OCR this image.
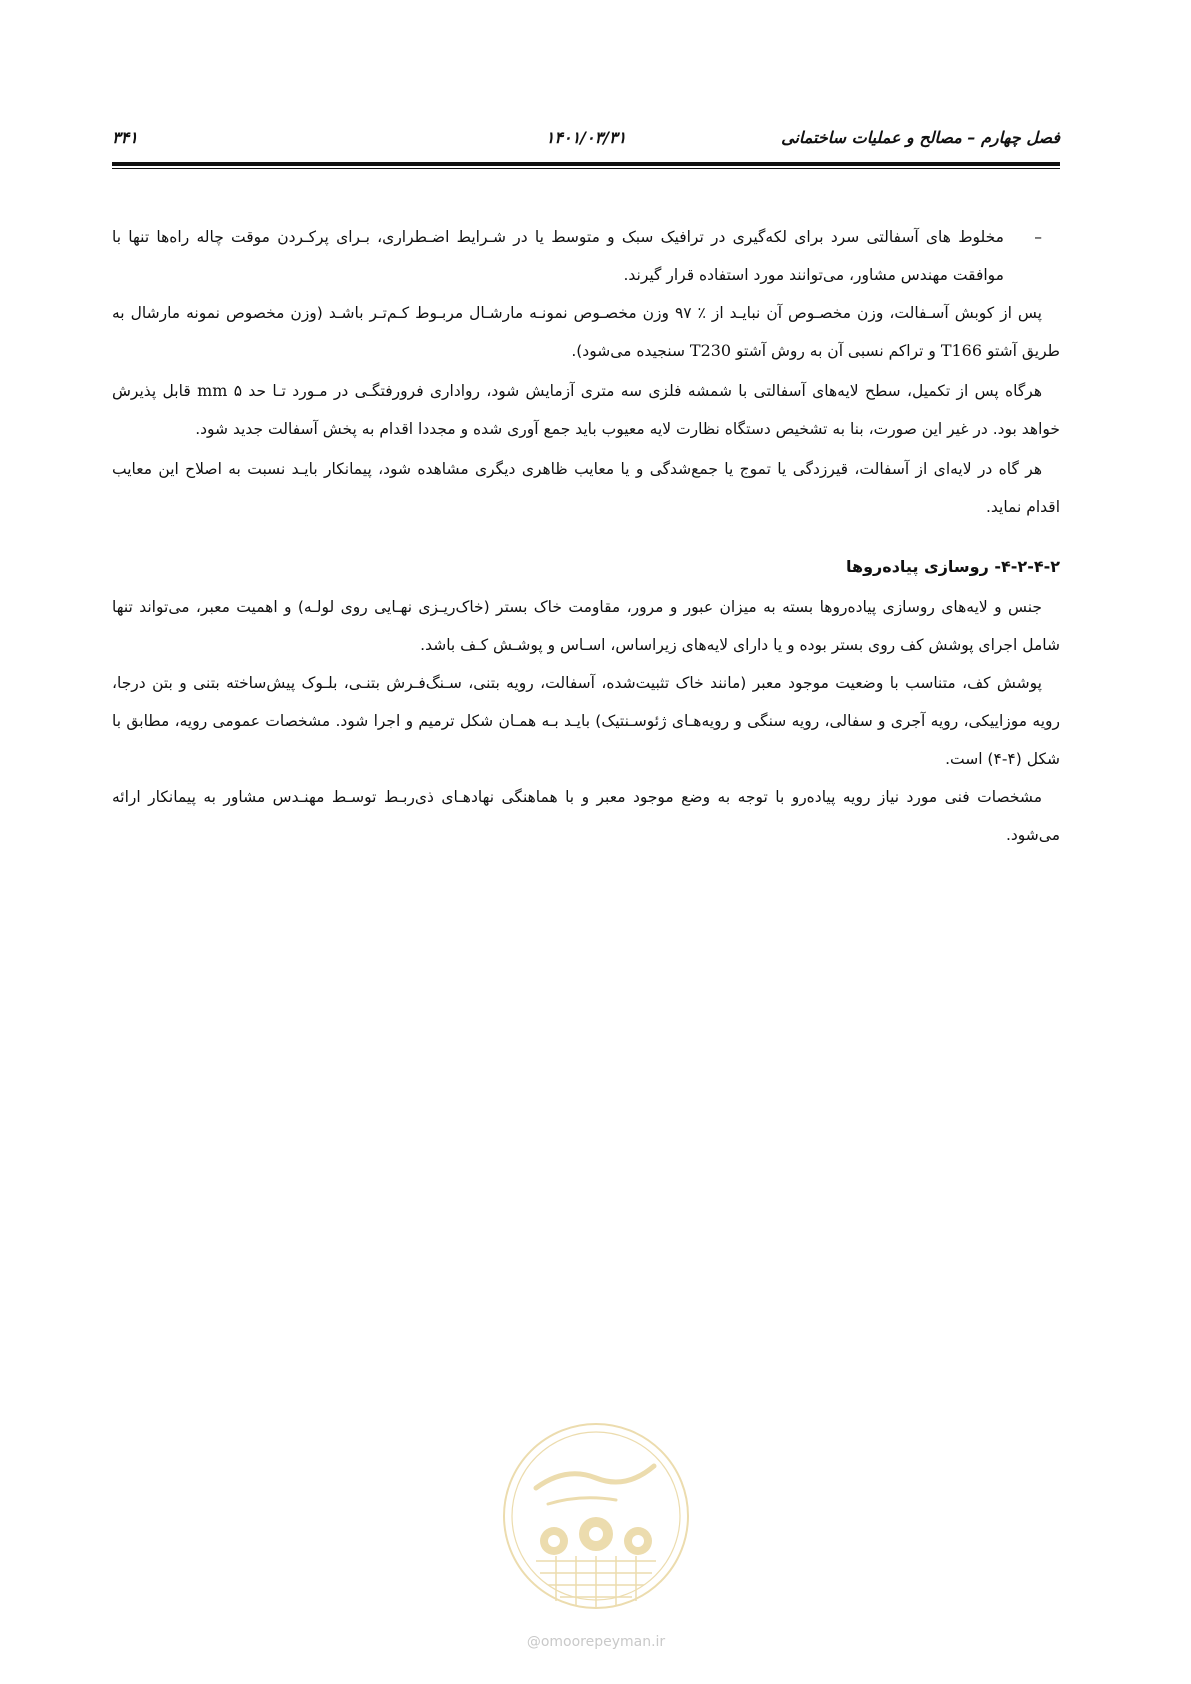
فصل چهارم – مصالح و عملیات ساختمانی
۱۴۰۱/۰۳/۳۱
۳۴۱

–
مخلوط های آسفالتی سرد برای لکه‌گیری در ترافیک سبک و متوسط یا در شـرایط اضـطراری، بـرای پرکـردن موقت چاله راه‌ها تنها با موافقت مهندس مشاور، می‌توانند مورد استفاده قرار گیرند.

پس از کوبش آسـفالت، وزن مخصـوص آن نبایـد از ٪ ۹۷ وزن مخصـوص نمونـه مارشـال مربـوط کـم‌تـر باشـد (وزن مخصوص نمونه مارشال به طریق آشتو T166 و تراکم نسبی آن به روش آشتو T230 سنجیده می‌شود).

هرگاه پس از تکمیل، سطح لایه‌های آسفالتی با شمشه فلزی سه متری آزمایش شود، رواداری فرورفتگـی در مـورد تـا حد mm ۵ قابل پذیرش خواهد بود. در غیر این صورت، بنا به تشخیص دستگاه نظارت لایه معیوب باید جمع آوری شده و مجددا اقدام به پخش آسفالت جدید شود.

هر گاه در لایه‌ای از آسفالت، قیرزدگی یا تموج یا جمع‌شدگی و یا معایب ظاهری دیگری مشاهده شود، پیمانکار بایـد نسبت به اصلاح این معایب اقدام نماید.

۴-۲-۴-۲- روسازی پیاده‌روها

جنس و لایه‌های روسازی پیاده‌روها بسته به میزان عبور و مرور، مقاومت خاک بستر (خاک‌ریـزی نهـایی روی لولـه) و اهمیت معبر، می‌تواند تنها شامل اجرای پوشش کف روی بستر بوده و یا دارای لایه‌های زیراساس، اسـاس و پوشـش کـف باشد.

پوشش کف، متناسب با وضعیت موجود معبر (مانند خاک تثبیت‌شده، آسفالت، رویه بتنی، سـنگ‌فـرش بتنـی، بلـوک پیش‌ساخته بتنی و بتن درجا، رویه موزاییکی، رویه آجری و سفالی، رویه سنگی و رویه‌هـای ژئوسـنتیک) بایـد بـه همـان شکل ترمیم و اجرا شود. مشخصات عمومی رویه، مطابق با شکل (۴-۴) است.

مشخصات فنی مورد نیاز رویه پیاده‌رو با توجه به وضع موجود معبر و با هماهنگی نهادهـای ذی‌ربـط توسـط مهنـدس مشاور به پیمانکار ارائه می‌شود.

@omoorepeyman.ir
